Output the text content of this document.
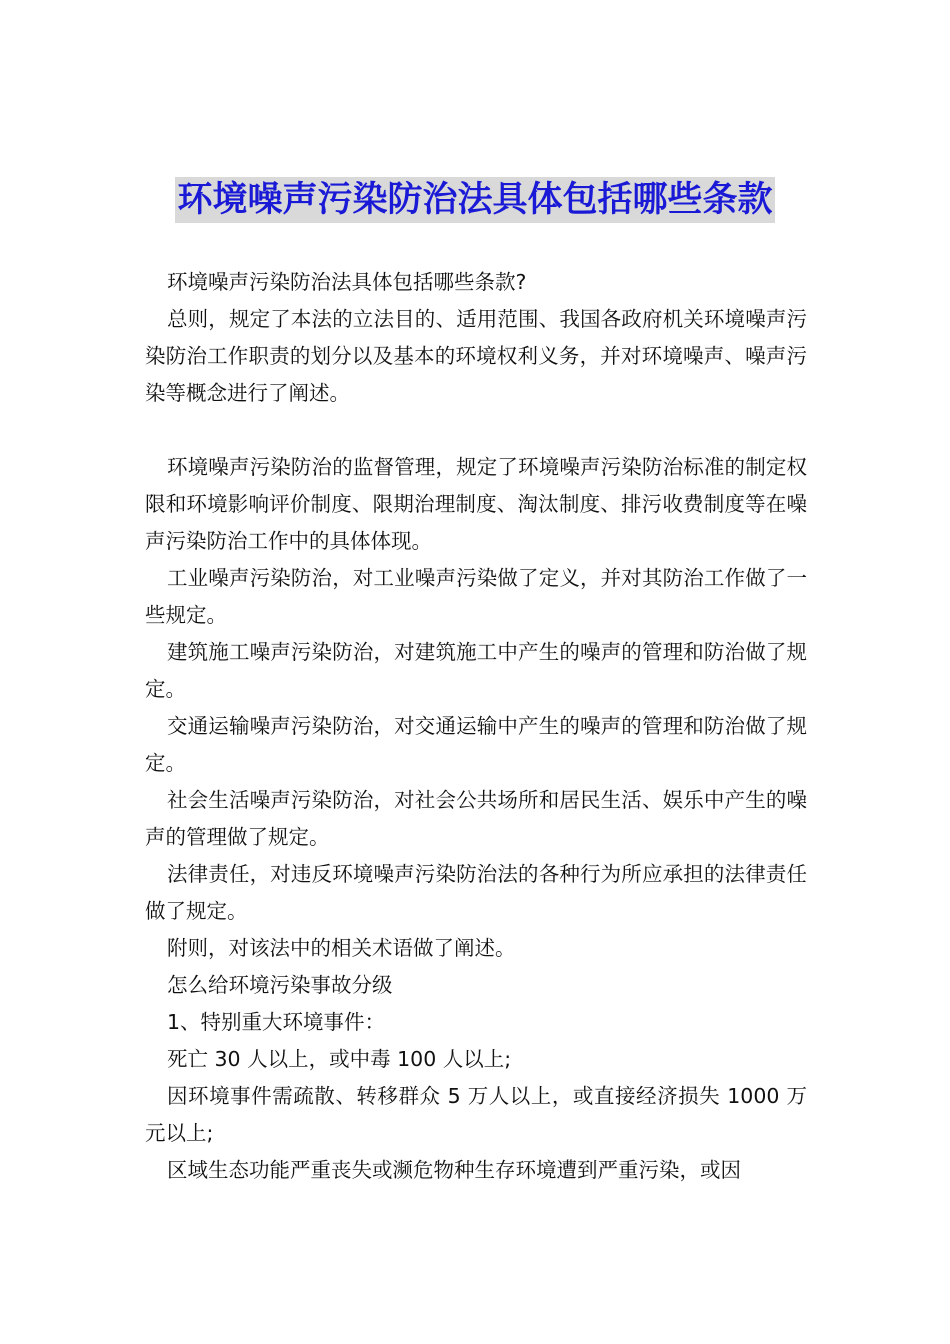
环境噪声污染防治法具体包括哪些条款

环境噪声污染防治法具体包括哪些条款?

总则，规定了本法的立法目的、适用范围、我国各政府机关环境噪声污染防治工作职责的划分以及基本的环境权利义务，并对环境噪声、噪声污染等概念进行了阐述。

环境噪声污染防治的监督管理，规定了环境噪声污染防治标准的制定权限和环境影响评价制度、限期治理制度、淘汰制度、排污收费制度等在噪声污染防治工作中的具体体现。

工业噪声污染防治，对工业噪声污染做了定义，并对其防治工作做了一些规定。

建筑施工噪声污染防治，对建筑施工中产生的噪声的管理和防治做了规定。

交通运输噪声污染防治，对交通运输中产生的噪声的管理和防治做了规定。

社会生活噪声污染防治，对社会公共场所和居民生活、娱乐中产生的噪声的管理做了规定。

法律责任，对违反环境噪声污染防治法的各种行为所应承担的法律责任做了规定。

附则，对该法中的相关术语做了阐述。

怎么给环境污染事故分级

1、特别重大环境事件：

死亡 30 人以上，或中毒 100 人以上;

因环境事件需疏散、转移群众 5 万人以上，或直接经济损失 1000 万元以上;

区域生态功能严重丧失或濒危物种生存环境遭到严重污染，或因
